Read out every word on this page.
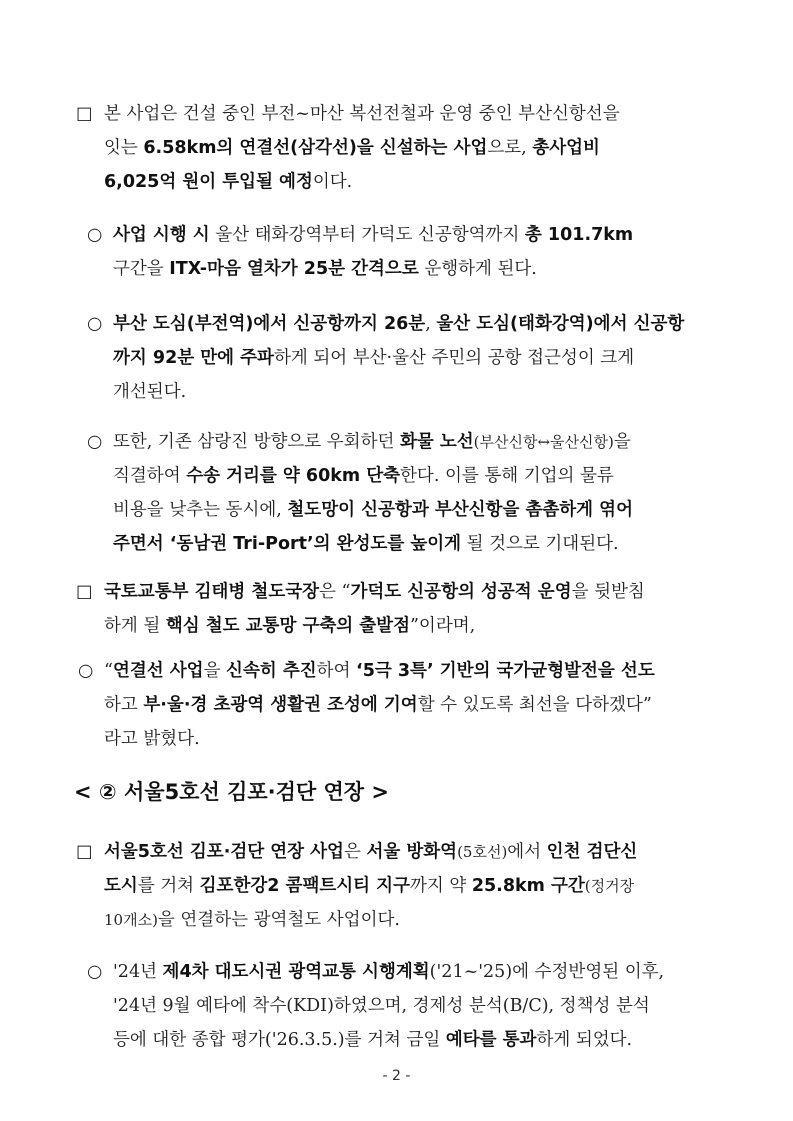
< ② 서울5호선 김포·검단 연장 >
- 2 -
□ 본 사업은 건설 중인 부전~마산 복선전철과 운영 중인 부산신항선을
잇는 6.58km의 연결선(삼각선)을 신설하는 사업으로, 총사업비
6,025억 원이 투입될 예정이다.
○ 사업 시행 시 울산 태화강역부터 가덕도 신공항역까지 총 101.7km
구간을 ITX-마음 열차가 25분 간격으로 운행하게 된다.
○ 부산 도심(부전역)에서 신공항까지 26분, 울산 도심(태화강역)에서 신공항
까지 92분 만에 주파하게 되어 부산·울산 주민의 공항 접근성이 크게
개선된다.
○ 또한, 기존 삼랑진 방향으로 우회하던 화물 노선(부산신항↔울산신항)을
직결하여 수송 거리를 약 60km 단축한다. 이를 통해 기업의 물류
비용을 낮추는 동시에, 철도망이 신공항과 부산신항을 촘촘하게 엮어
주면서 ‘동남권 Tri-Port’의 완성도를 높이게 될 것으로 기대된다.
□ 국토교통부 김태병 철도국장은 “가덕도 신공항의 성공적 운영을 뒷받침
하게 될 핵심 철도 교통망 구축의 출발점”이라며,
○ “연결선 사업을 신속히 추진하여 ‘5극 3특’ 기반의 국가균형발전을 선도
하고 부·울·경 초광역 생활권 조성에 기여할 수 있도록 최선을 다하겠다”
라고 밝혔다.
□ 서울5호선 김포·검단 연장 사업은 서울 방화역(5호선)에서 인천 검단신
도시를 거쳐 김포한강2 콤팩트시티 지구까지 약 25.8km 구간(정거장
10개소)을 연결하는 광역철도 사업이다.
○ '24년 제4차 대도시권 광역교통 시행계획('21~'25)에 수정반영된 이후,
'24년 9월 예타에 착수(KDI)하였으며, 경제성 분석(B/C), 정책성 분석
등에 대한 종합 평가('26.3.5.)를 거쳐 금일 예타를 통과하게 되었다.
